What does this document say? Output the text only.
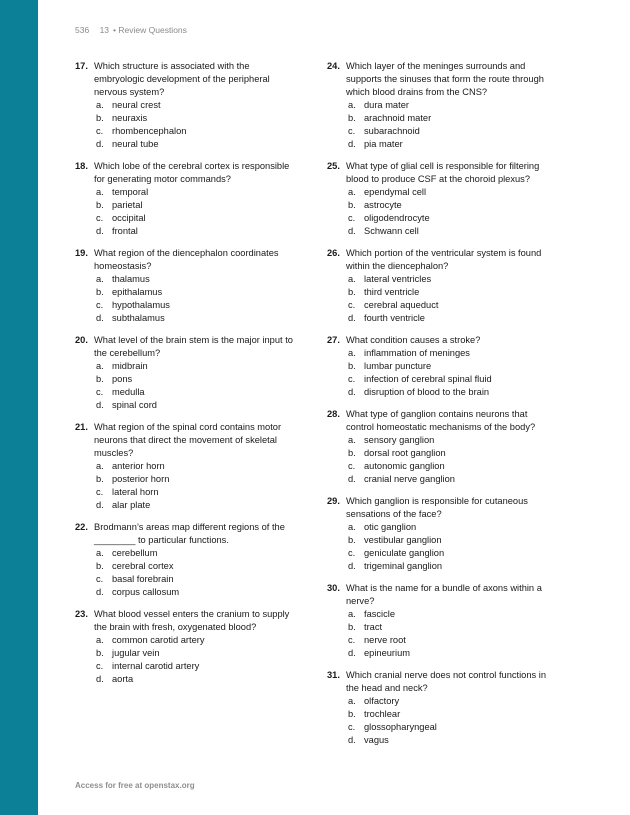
536 13 • Review Questions
17. Which structure is associated with the embryologic development of the peripheral nervous system?

a. neural crest
b. neuraxis
c. rhombencephalon
d. neural tube
18. Which lobe of the cerebral cortex is responsible for generating motor commands?

a. temporal
b. parietal
c. occipital
d. frontal
19. What region of the diencephalon coordinates homeostasis?

a. thalamus
b. epithalamus
c. hypothalamus
d. subthalamus
20. What level of the brain stem is the major input to the cerebellum?

a. midbrain
b. pons
c. medulla
d. spinal cord
21. What region of the spinal cord contains motor neurons that direct the movement of skeletal muscles?

a. anterior horn
b. posterior horn
c. lateral horn
d. alar plate
22. Brodmann’s areas map different regions of the ________ to particular functions.

a. cerebellum
b. cerebral cortex
c. basal forebrain
d. corpus callosum
23. What blood vessel enters the cranium to supply the brain with fresh, oxygenated blood?

a. common carotid artery
b. jugular vein
c. internal carotid artery
d. aorta
24. Which layer of the meninges surrounds and supports the sinuses that form the route through which blood drains from the CNS?

a. dura mater
b. arachnoid mater
c. subarachnoid
d. pia mater
25. What type of glial cell is responsible for filtering blood to produce CSF at the choroid plexus?

a. ependymal cell
b. astrocyte
c. oligodendrocyte
d. Schwann cell
26. Which portion of the ventricular system is found within the diencephalon?

a. lateral ventricles
b. third ventricle
c. cerebral aqueduct
d. fourth ventricle
27. What condition causes a stroke?

a. inflammation of meninges
b. lumbar puncture
c. infection of cerebral spinal fluid
d. disruption of blood to the brain
28. What type of ganglion contains neurons that control homeostatic mechanisms of the body?

a. sensory ganglion
b. dorsal root ganglion
c. autonomic ganglion
d. cranial nerve ganglion
29. Which ganglion is responsible for cutaneous sensations of the face?

a. otic ganglion
b. vestibular ganglion
c. geniculate ganglion
d. trigeminal ganglion
30. What is the name for a bundle of axons within a nerve?

a. fascicle
b. tract
c. nerve root
d. epineurium
31. Which cranial nerve does not control functions in the head and neck?

a. olfactory
b. trochlear
c. glossopharyngeal
d. vagus
Access for free at openstax.org
